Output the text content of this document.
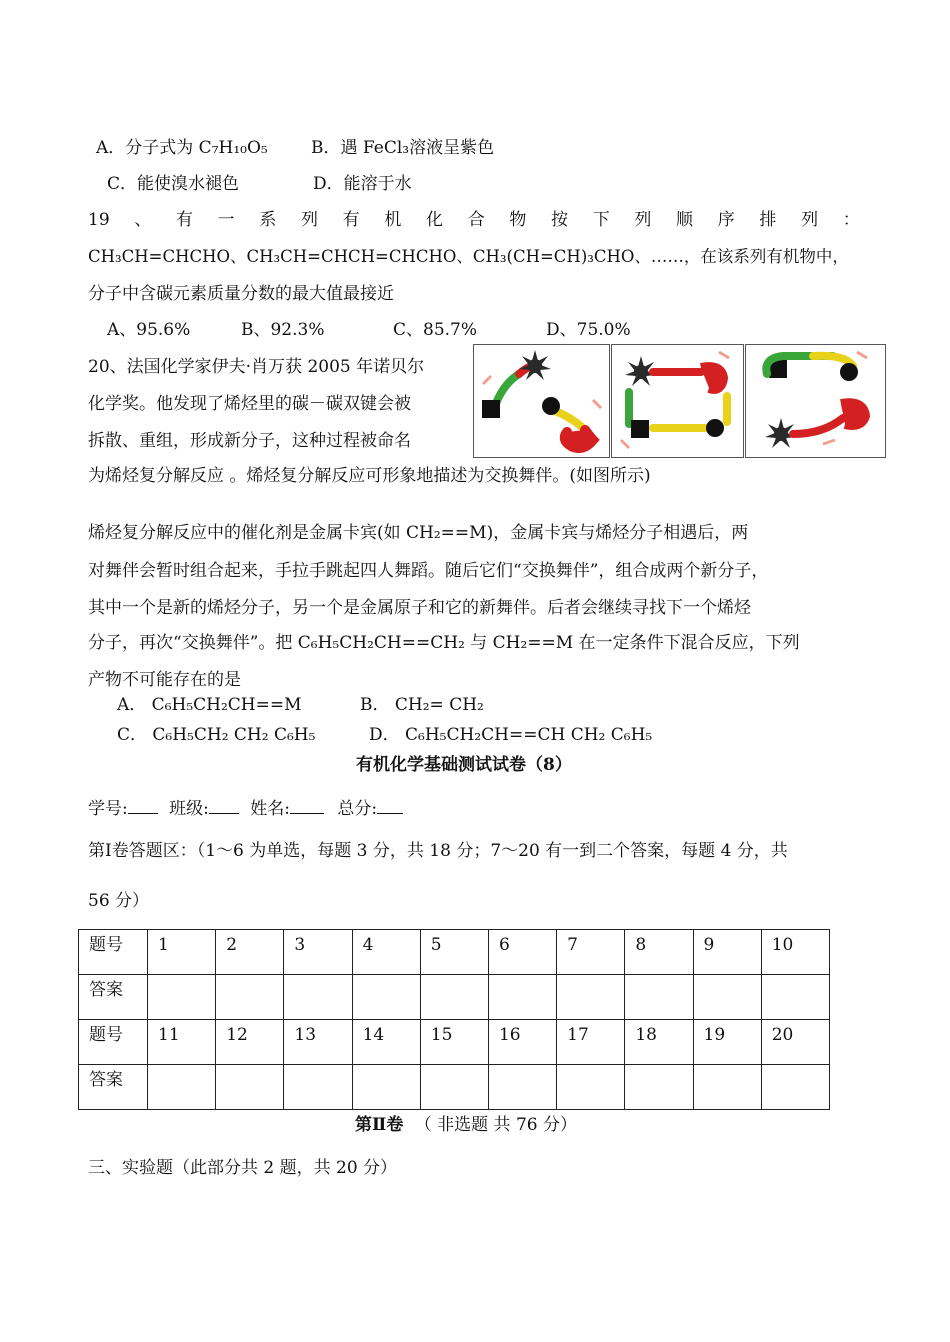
A．分子式为 C₇H₁₀O₅	B．遇 FeCl₃溶液呈紫色
C．能使溴水褪色	D．能溶于水
19 、 有 一 系 列 有 机 化 合 物 按 下 列 顺 序 排 列 ：
CH₃CH=CHCHO、CH₃CH=CHCH=CHCHO、CH₃(CH=CH)₃CHO、……，在该系列有机物中，
分子中含碳元素质量分数的最大值最接近
A、95.6%	B、92.3%	C、85.7%	D、75.0%
20、法国化学家伊夫·肖万获 2005 年诺贝尔
化学奖。他发现了烯烃里的碳－碳双键会被
拆散、重组，形成新分子，这种过程被命名
为烯烃复分解反应 。烯烃复分解反应可形象地描述为交换舞伴。(如图所示)
烯烃复分解反应中的催化剂是金属卡宾(如 CH₂==M)，金属卡宾与烯烃分子相遇后，两
对舞伴会暂时组合起来，手拉手跳起四人舞蹈。随后它们“交换舞伴”，组合成两个新分子，
其中一个是新的烯烃分子，另一个是金属原子和它的新舞伴。后者会继续寻找下一个烯烃
分子，再次“交换舞伴”。把 C₆H₅CH₂CH==CH₂ 与 CH₂==M 在一定条件下混合反应，下列
产物不可能存在的是
A． C₆H₅CH₂CH==M	B． CH₂= CH₂
C． C₆H₅CH₂ CH₂ C₆H₅	D． C₆H₅CH₂CH==CH CH₂ C₆H₅
有机化学基础测试试卷（8）
学号: 班级: 姓名:	总分:
第Ⅰ卷答题区：（1～6 为单选，每题 3 分，共 18 分；7～20 有一到二个答案，每题 4 分，共
56 分）
题号	1	2	3	4	5	6	7	8	9	10
答案										
题号	11	12	13	14	15	16	17	18	19	20
答案										
第Ⅱ卷 （ 非选题 共 76 分）
三、实验题（此部分共 2 题，共 20 分）
